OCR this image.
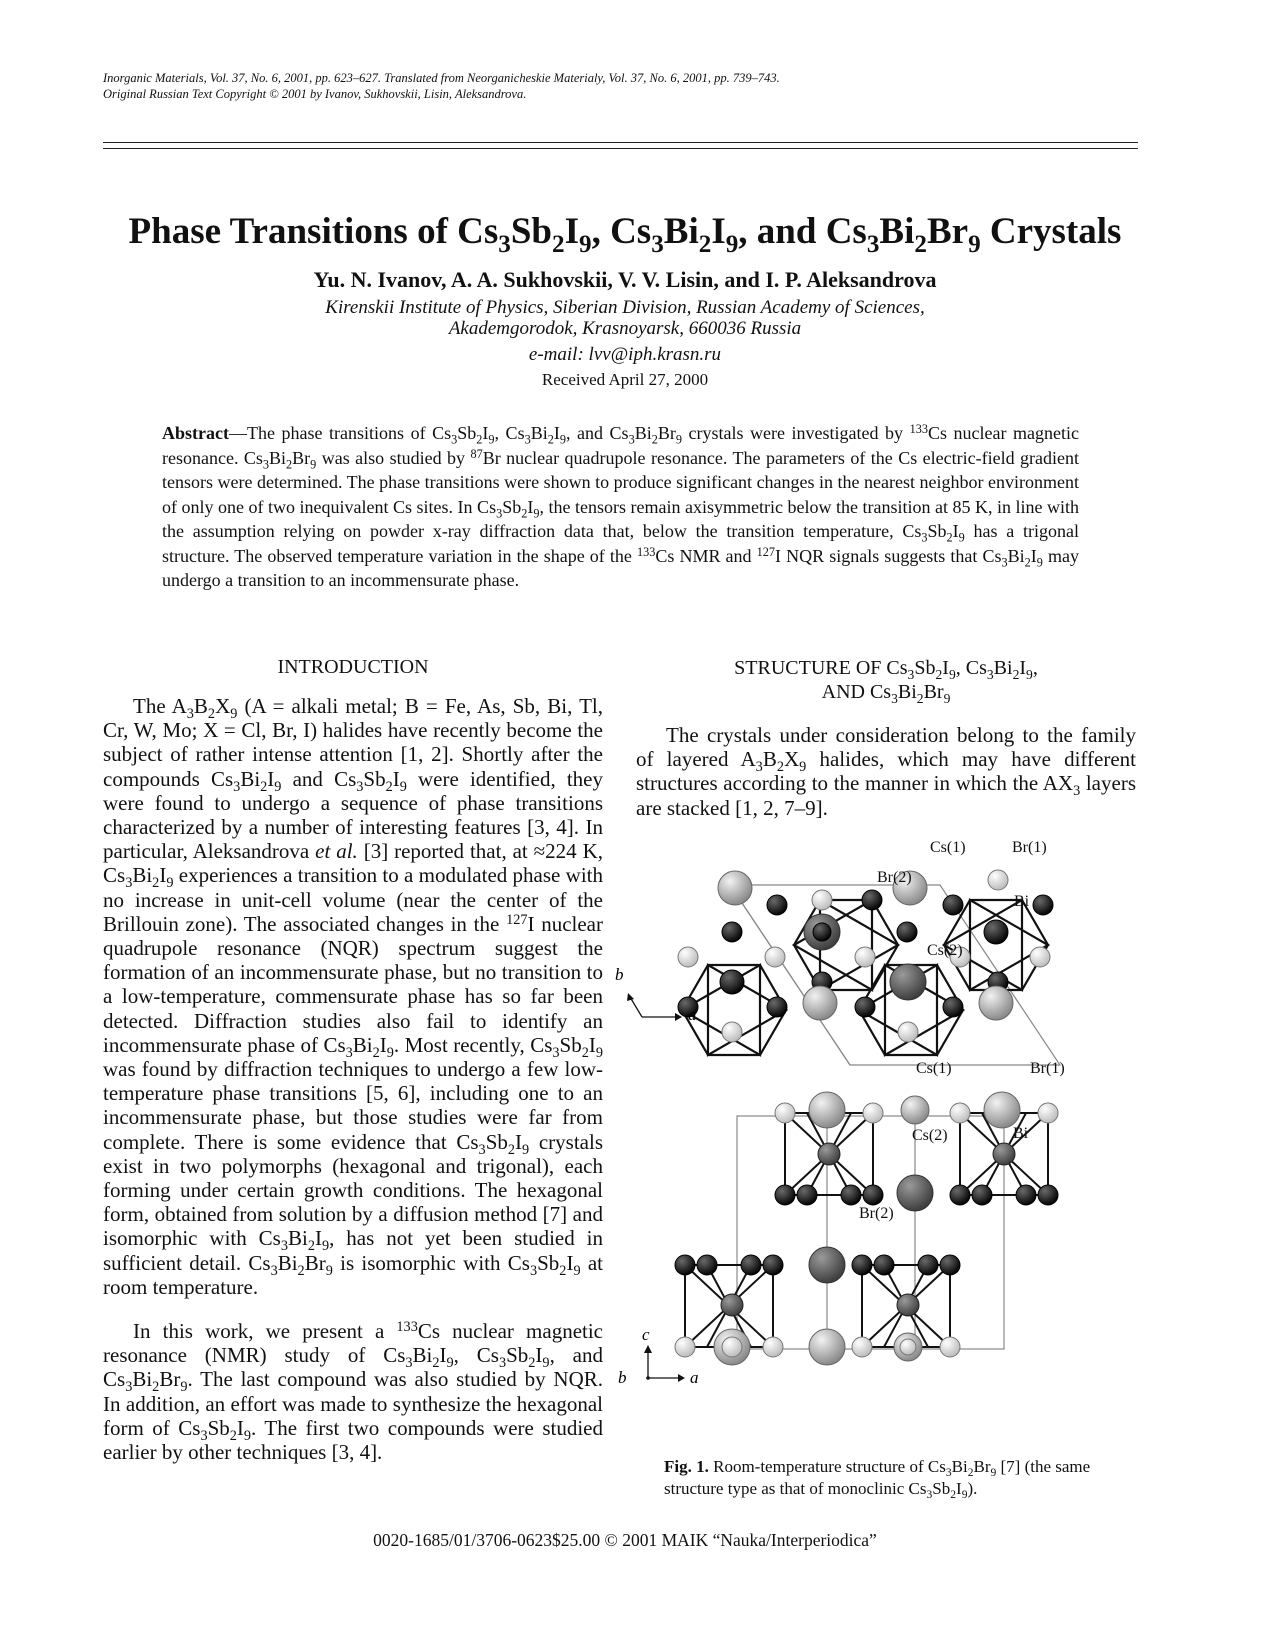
Inorganic Materials, Vol. 37, No. 6, 2001, pp. 623–627. Translated from Neorganicheskie Materialy, Vol. 37, No. 6, 2001, pp. 739–743.
Original Russian Text Copyright © 2001 by Ivanov, Sukhovskii, Lisin, Aleksandrova.
Phase Transitions of $Cs_3Sb_2I_9$, $Cs_3Bi_2I_9$, and $Cs_3Bi_2Br_9$ Crystals
Yu. N. Ivanov, A. A. Sukhovskii, V. V. Lisin, and I. P. Aleksandrova
Kirenskii Institute of Physics, Siberian Division, Russian Academy of Sciences,
Akademgorodok, Krasnoyarsk, 660036 Russia
e-mail: lvv@iph.krasn.ru
Received April 27, 2000
Abstract—The phase transitions of $Cs_3Sb_2I_9$, $Cs_3Bi_2I_9$, and $Cs_3Bi_2Br_9$ crystals were investigated by $^{133}$Cs nuclear magnetic resonance. $Cs_3Bi_2Br_9$ was also studied by $^{87}$Br nuclear quadrupole resonance. The parameters of the Cs electric-field gradient tensors were determined. The phase transitions were shown to produce significant changes in the nearest neighbor environment of only one of two inequivalent Cs sites. In $Cs_3Sb_2I_9$, the tensors remain axisymmetric below the transition at 85 K, in line with the assumption relying on powder x-ray diffraction data that, below the transition temperature, $Cs_3Sb_2I_9$ has a trigonal structure. The observed temperature variation in the shape of the $^{133}$Cs NMR and $^{127}$I NQR signals suggests that $Cs_3Bi_2I_9$ may undergo a transition to an incommensurate phase.
INTRODUCTION

The $A_3B_2X_9$ (A = alkali metal; B = Fe, As, Sb, Bi, Tl, Cr, W, Mo; X = Cl, Br, I) halides have recently become the subject of rather intense attention [1, 2]. Shortly after the compounds $Cs_3Bi_2I_9$ and $Cs_3Sb_2I_9$ were identified, they were found to undergo a sequence of phase transitions characterized by a number of interesting features [3, 4]. In particular, Aleksandrova et al. [3] reported that, at ≈224 K, $Cs_3Bi_2I_9$ experiences a transition to a modulated phase with no increase in unit-cell volume (near the center of the Brillouin zone). The associated changes in the $^{127}$I nuclear quadrupole resonance (NQR) spectrum suggest the formation of an incommensurate phase, but no transition to a low-temperature, commensurate phase has so far been detected. Diffraction studies also fail to identify an incommensurate phase of $Cs_3Bi_2I_9$. Most recently, $Cs_3Sb_2I_9$ was found by diffraction techniques to undergo a few low-temperature phase transitions [5, 6], including one to an incommensurate phase, but those studies were far from complete. There is some evidence that $Cs_3Sb_2I_9$ crystals exist in two polymorphs (hexagonal and trigonal), each forming under certain growth conditions. The hexagonal form, obtained from solution by a diffusion method [7] and isomorphic with $Cs_3Bi_2I_9$, has not yet been studied in sufficient detail. $Cs_3Bi_2Br_9$ is isomorphic with $Cs_3Sb_2I_9$ at room temperature.

In this work, we present a $^{133}$Cs nuclear magnetic resonance (NMR) study of $Cs_3Bi_2I_9$, $Cs_3Sb_2I_9$, and $Cs_3Bi_2Br_9$. The last compound was also studied by NQR. In addition, an effort was made to synthesize the hexagonal form of $Cs_3Sb_2I_9$. The first two compounds were studied earlier by other techniques [3, 4].

STRUCTURE OF $Cs_3Sb_2I_9$, $Cs_3Bi_2I_9$,
AND $Cs_3Bi_2Br_9$

The crystals under consideration belong to the family of layered $A_3B_2X_9$ halides, which may have different structures according to the manner in which the $AX_3$ layers are stacked [1, 2, 7–9].

Cs(1)	Br(1)
Br(2)
Bi
Cs(2)
b
a
Cs(1)	Br(1)
Cs(2)	Bi
Br(2)
c
b	a
Fig. 1. Room-temperature structure of $Cs_3Bi_2Br_9$ [7] (the same structure type as that of monoclinic $Cs_3Sb_2I_9$).
0020-1685/01/3706-0623$25.00 © 2001 MAIK “Nauka/Interperiodica”
